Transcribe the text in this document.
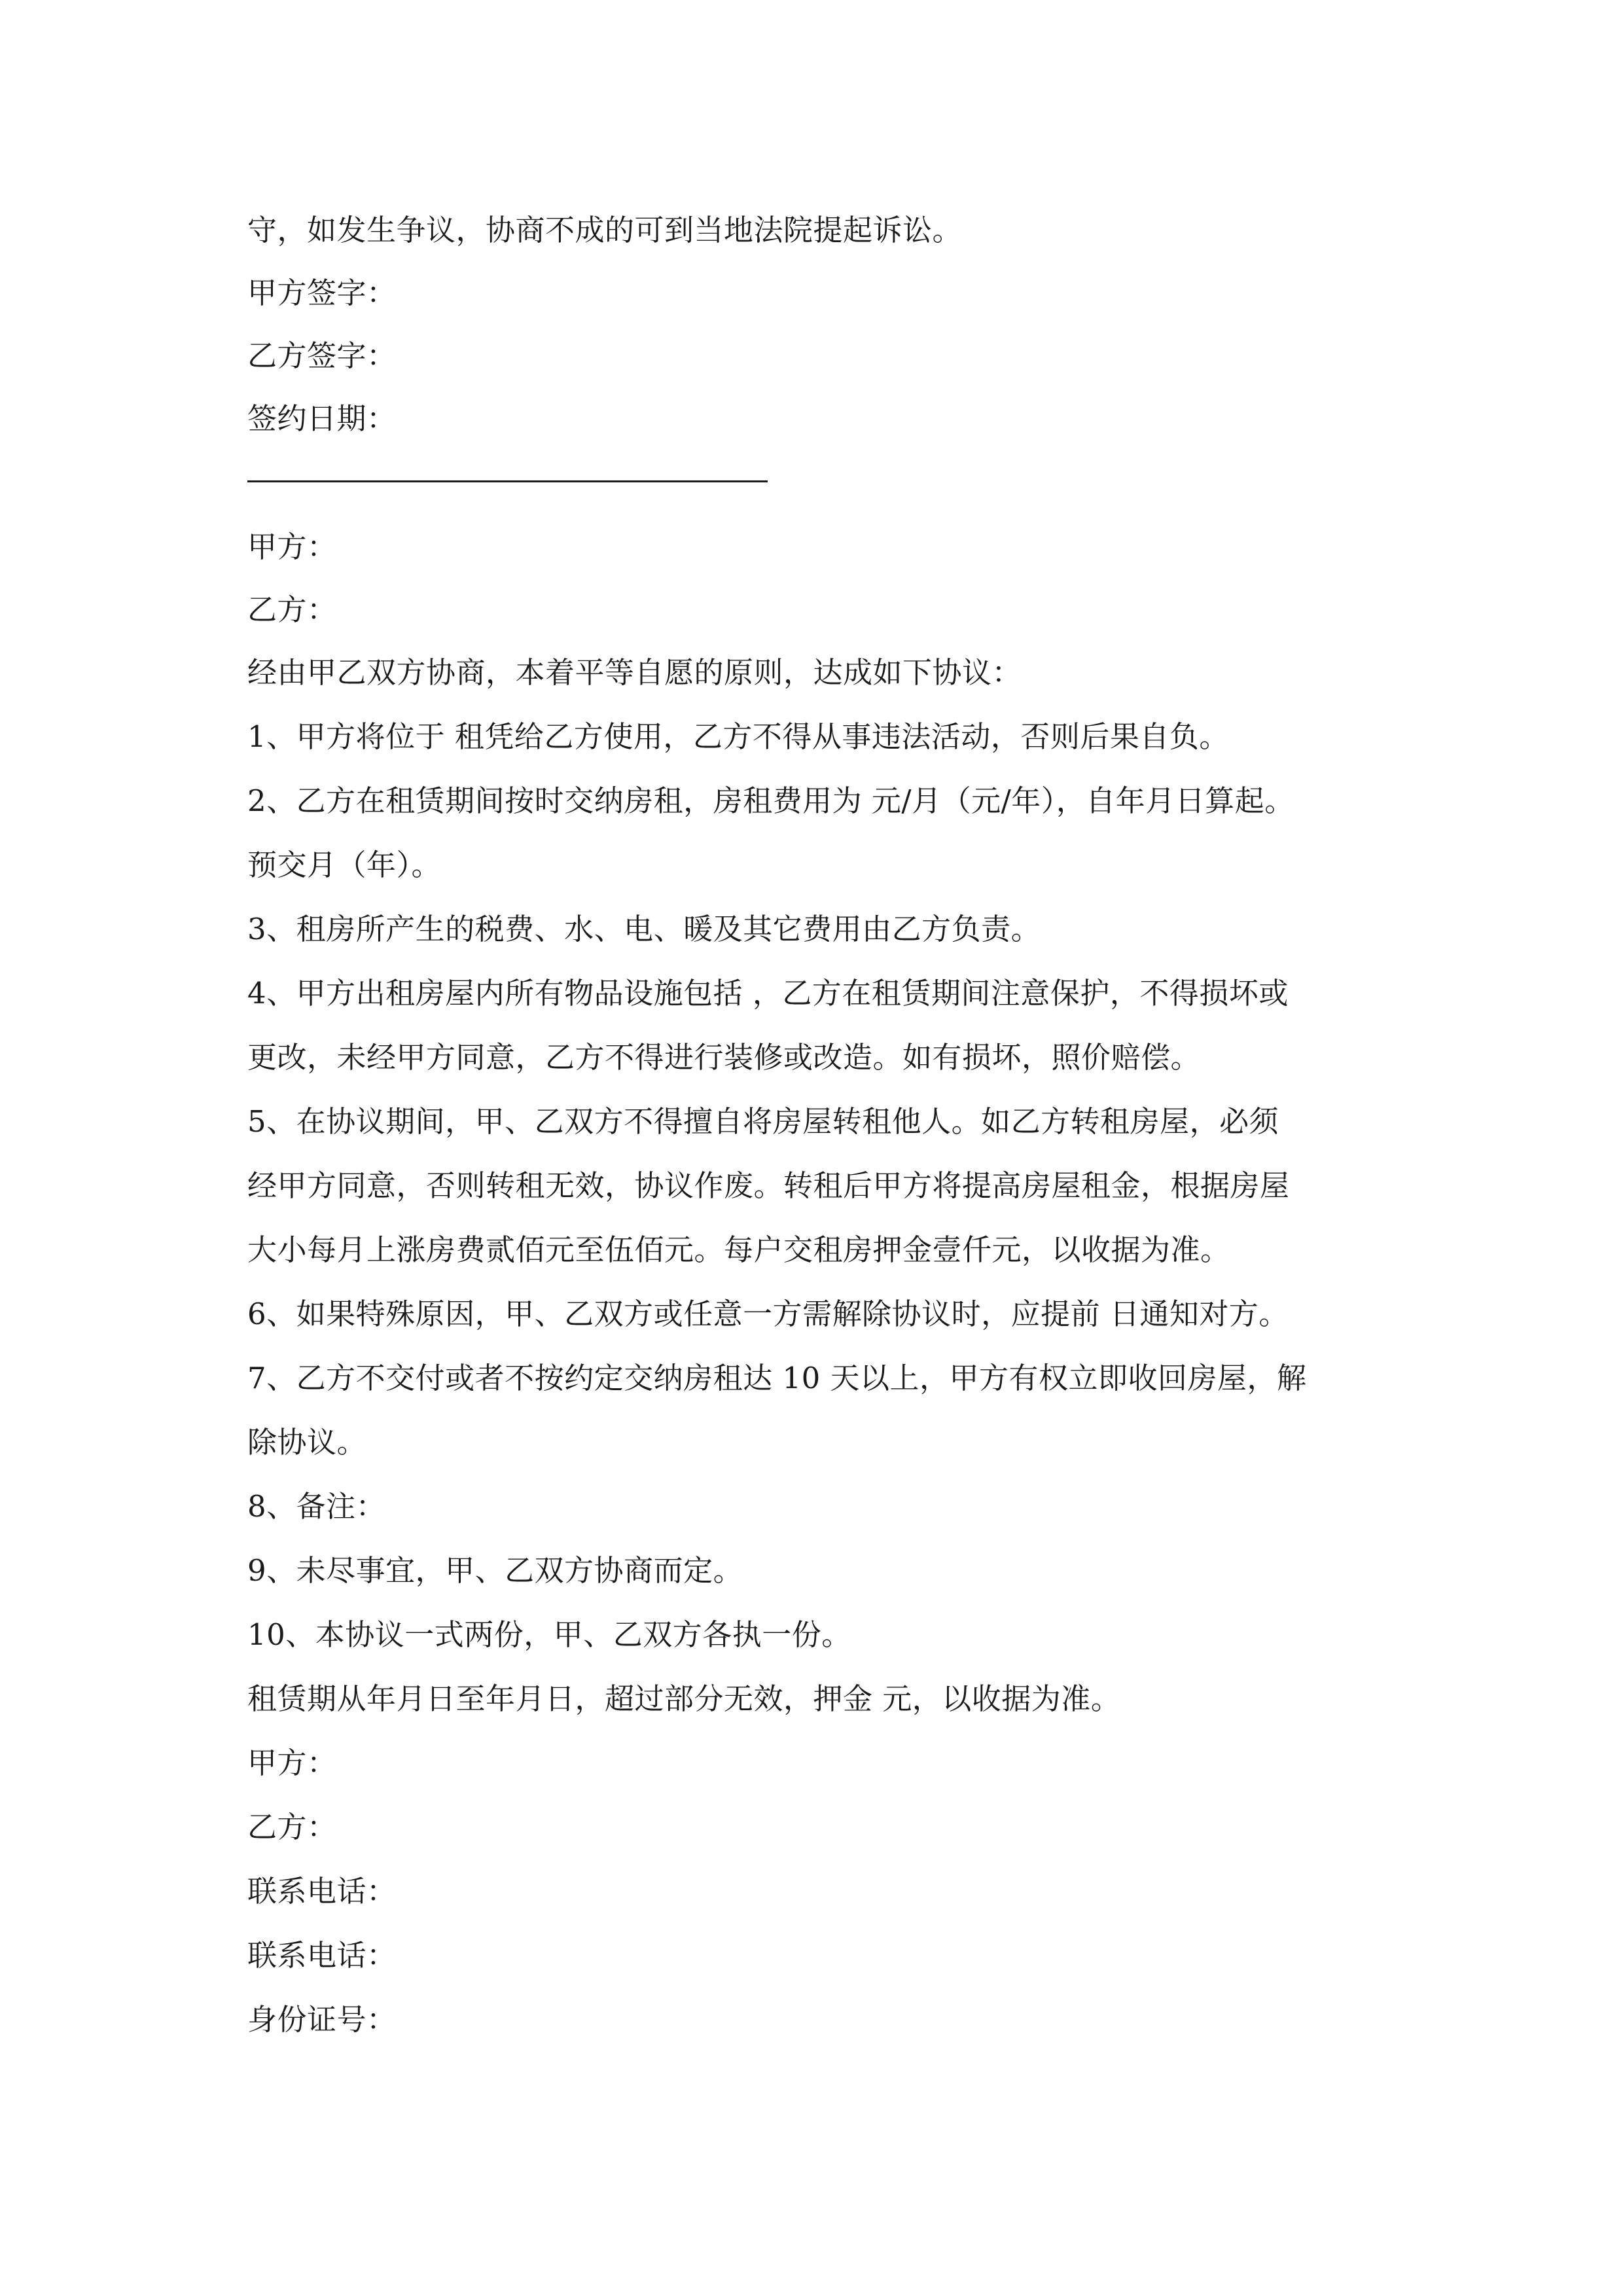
守，如发生争议，协商不成的可到当地法院提起诉讼。
甲方签字：
乙方签字：
签约日期：
甲方：
乙方：
经由甲乙双方协商，本着平等自愿的原则，达成如下协议：
1、甲方将位于 租凭给乙方使用，乙方不得从事违法活动，否则后果自负。
2、乙方在租赁期间按时交纳房租，房租费用为 元/月（元/年），自年月日算起。
预交月（年）。
3、租房所产生的税费、水、电、暖及其它费用由乙方负责。
4、甲方出租房屋内所有物品设施包括 ，乙方在租赁期间注意保护，不得损坏或
更改，未经甲方同意，乙方不得进行装修或改造。如有损坏，照价赔偿。
5、在协议期间，甲、乙双方不得擅自将房屋转租他人。如乙方转租房屋，必须
经甲方同意，否则转租无效，协议作废。转租后甲方将提高房屋租金，根据房屋
大小每月上涨房费贰佰元至伍佰元。每户交租房押金壹仟元，以收据为准。
6、如果特殊原因，甲、乙双方或任意一方需解除协议时，应提前 日通知对方。
7、乙方不交付或者不按约定交纳房租达 10 天以上，甲方有权立即收回房屋，解
除协议。
8、备注：
9、未尽事宜，甲、乙双方协商而定。
10、本协议一式两份，甲、乙双方各执一份。
租赁期从年月日至年月日，超过部分无效，押金 元，以收据为准。
甲方：
乙方：
联系电话：
联系电话：
身份证号：
